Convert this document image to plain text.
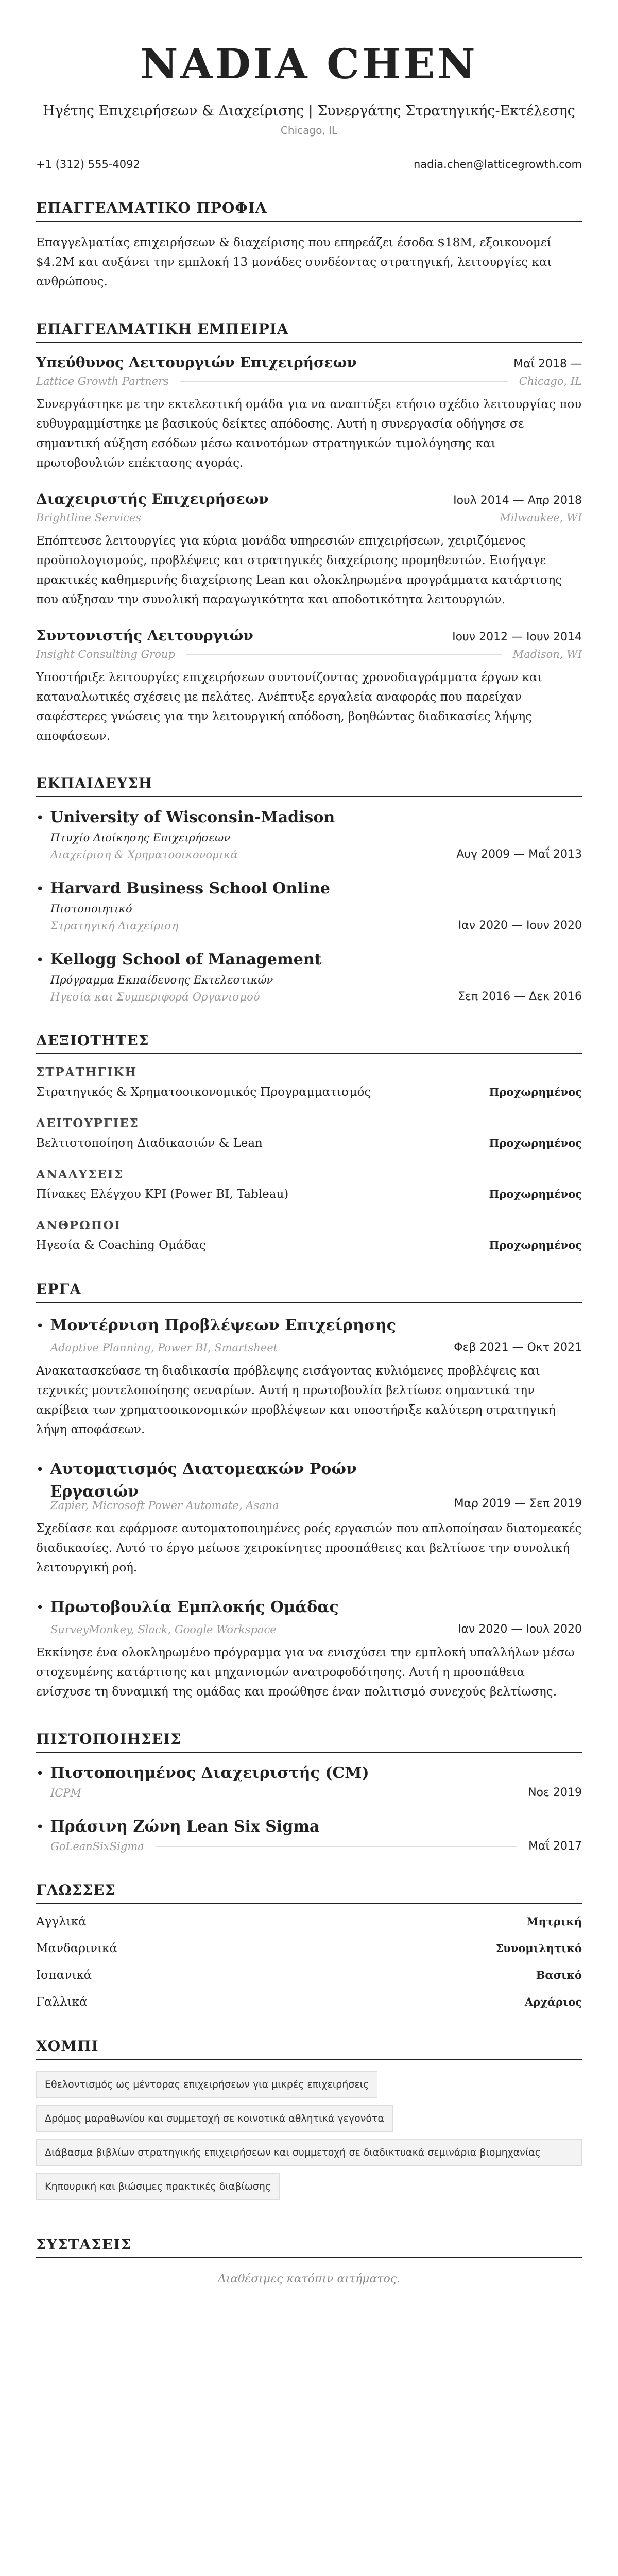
NADIA CHEN
Ηγέτης Επιχειρήσεων & Διαχείρισης | Συνεργάτης Στρατηγικής-Εκτέλεσης
Chicago, IL
+1 (312) 555-4092	nadia.chen@latticegrowth.com
ΕΠΑΓΓΕΛΜΑΤΙΚΟ ΠΡΟΦΙΛ

Επαγγελματίας επιχειρήσεων & διαχείρισης που επηρεάζει έσοδα $18M, εξοικονομεί $4.2M και αυξάνει την εμπλοκή 13 μονάδες συνδέοντας στρατηγική, λειτουργίες και ανθρώπους.

ΕΠΑΓΓΕΛΜΑΤΙΚΗ ΕΜΠΕΙΡΙΑ
Υπεύθυνος Λειτουργιών Επιχειρήσεων	Μαΐ 2018 —
Lattice Growth Partners	Chicago, IL

Συνεργάστηκε με την εκτελεστική ομάδα για να αναπτύξει ετήσιο σχέδιο λειτουργίας που ευθυγραμμίστηκε με βασικούς δείκτες απόδοσης. Αυτή η συνεργασία οδήγησε σε σημαντική αύξηση εσόδων μέσω καινοτόμων στρατηγικών τιμολόγησης και πρωτοβουλιών επέκτασης αγοράς.

Διαχειριστής Επιχειρήσεων	Ιουλ 2014 — Απρ 2018
Brightline Services	Milwaukee, WI

Επόπτευσε λειτουργίες για κύρια μονάδα υπηρεσιών επιχειρήσεων, χειριζόμενος προϋπολογισμούς, προβλέψεις και στρατηγικές διαχείρισης προμηθευτών. Εισήγαγε πρακτικές καθημερινής διαχείρισης Lean και ολοκληρωμένα προγράμματα κατάρτισης που αύξησαν την συνολική παραγωγικότητα και αποδοτικότητα λειτουργιών.

Συντονιστής Λειτουργιών	Ιουν 2012 — Ιουν 2014
Insight Consulting Group	Madison, WI

Υποστήριξε λειτουργίες επιχειρήσεων συντονίζοντας χρονοδιαγράμματα έργων και καταναλωτικές σχέσεις με πελάτες. Ανέπτυξε εργαλεία αναφοράς που παρείχαν σαφέστερες γνώσεις για την λειτουργική απόδοση, βοηθώντας διαδικασίες λήψης αποφάσεων.

ΕΚΠΑΙΔΕΥΣΗ
• University of Wisconsin-Madison
Πτυχίο Διοίκησης Επιχειρήσεων
Διαχείριση & Χρηματοοικονομικά	Αυγ 2009 — Μαΐ 2013
• Harvard Business School Online
Πιστοποιητικό
Στρατηγική Διαχείριση	Ιαν 2020 — Ιουν 2020
• Kellogg School of Management
Πρόγραμμα Εκπαίδευσης Εκτελεστικών
Ηγεσία και Συμπεριφορά Οργανισμού	Σεπ 2016 — Δεκ 2016
ΔΕΞΙΟΤΗΤΕΣ
ΣΤΡΑΤΗΓΙΚΗ
Στρατηγικός & Χρηματοοικονομικός Προγραμματισμός	Προχωρημένος
ΛΕΙΤΟΥΡΓΙΕΣ
Βελτιστοποίηση Διαδικασιών & Lean	Προχωρημένος
ΑΝΑΛΥΣΕΙΣ
Πίνακες Ελέγχου KPI (Power BI, Tableau)	Προχωρημένος
ΑΝΘΡΩΠΟΙ
Ηγεσία & Coaching Ομάδας	Προχωρημένος
ΕΡΓΑ
• Μοντέρνιση Προβλέψεων Επιχείρησης
Adaptive Planning, Power BI, Smartsheet	Φεβ 2021 — Οκτ 2021

Ανακατασκεύασε τη διαδικασία πρόβλεψης εισάγοντας κυλιόμενες προβλέψεις και τεχνικές μοντελοποίησης σεναρίων. Αυτή η πρωτοβουλία βελτίωσε σημαντικά την ακρίβεια των χρηματοοικονομικών προβλέψεων και υποστήριξε καλύτερη στρατηγική λήψη αποφάσεων.

• Αυτοματισμός Διατομεακών Ροών Εργασιών
Zapier, Microsoft Power Automate, Asana	Μαρ 2019 — Σεπ 2019

Σχεδίασε και εφάρμοσε αυτοματοποιημένες ροές εργασιών που απλοποίησαν διατομεακές διαδικασίες. Αυτό το έργο μείωσε χειροκίνητες προσπάθειες και βελτίωσε την συνολική λειτουργική ροή.

• Πρωτοβουλία Εμπλοκής Ομάδας
SurveyMonkey, Slack, Google Workspace	Ιαν 2020 — Ιουλ 2020

Εκκίνησε ένα ολοκληρωμένο πρόγραμμα για να ενισχύσει την εμπλοκή υπαλλήλων μέσω στοχευμένης κατάρτισης και μηχανισμών ανατροφοδότησης. Αυτή η προσπάθεια ενίσχυσε τη δυναμική της ομάδας και προώθησε έναν πολιτισμό συνεχούς βελτίωσης.

ΠΙΣΤΟΠΟΙΗΣΕΙΣ
• Πιστοποιημένος Διαχειριστής (CM)
ICPM	Νοε 2019
• Πράσινη Ζώνη Lean Six Sigma
GoLeanSixSigma	Μαΐ 2017
ΓΛΩΣΣΕΣ
Αγγλικά	Μητρική
Μανδαρινικά	Συνομιλητικό
Ισπανικά	Βασικό
Γαλλικά	Αρχάριος
ΧΟΜΠΙ
Εθελοντισμός ως μέντορας επιχειρήσεων για μικρές επιχειρήσεις
Δρόμος μαραθωνίου και συμμετοχή σε κοινοτικά αθλητικά γεγονότα
Διάβασμα βιβλίων στρατηγικής επιχειρήσεων και συμμετοχή σε διαδικτυακά σεμινάρια βιομηχανίας
Κηπουρική και βιώσιμες πρακτικές διαβίωσης
ΣΥΣΤΑΣΕΙΣ
Διαθέσιμες κατόπιν αιτήματος.
